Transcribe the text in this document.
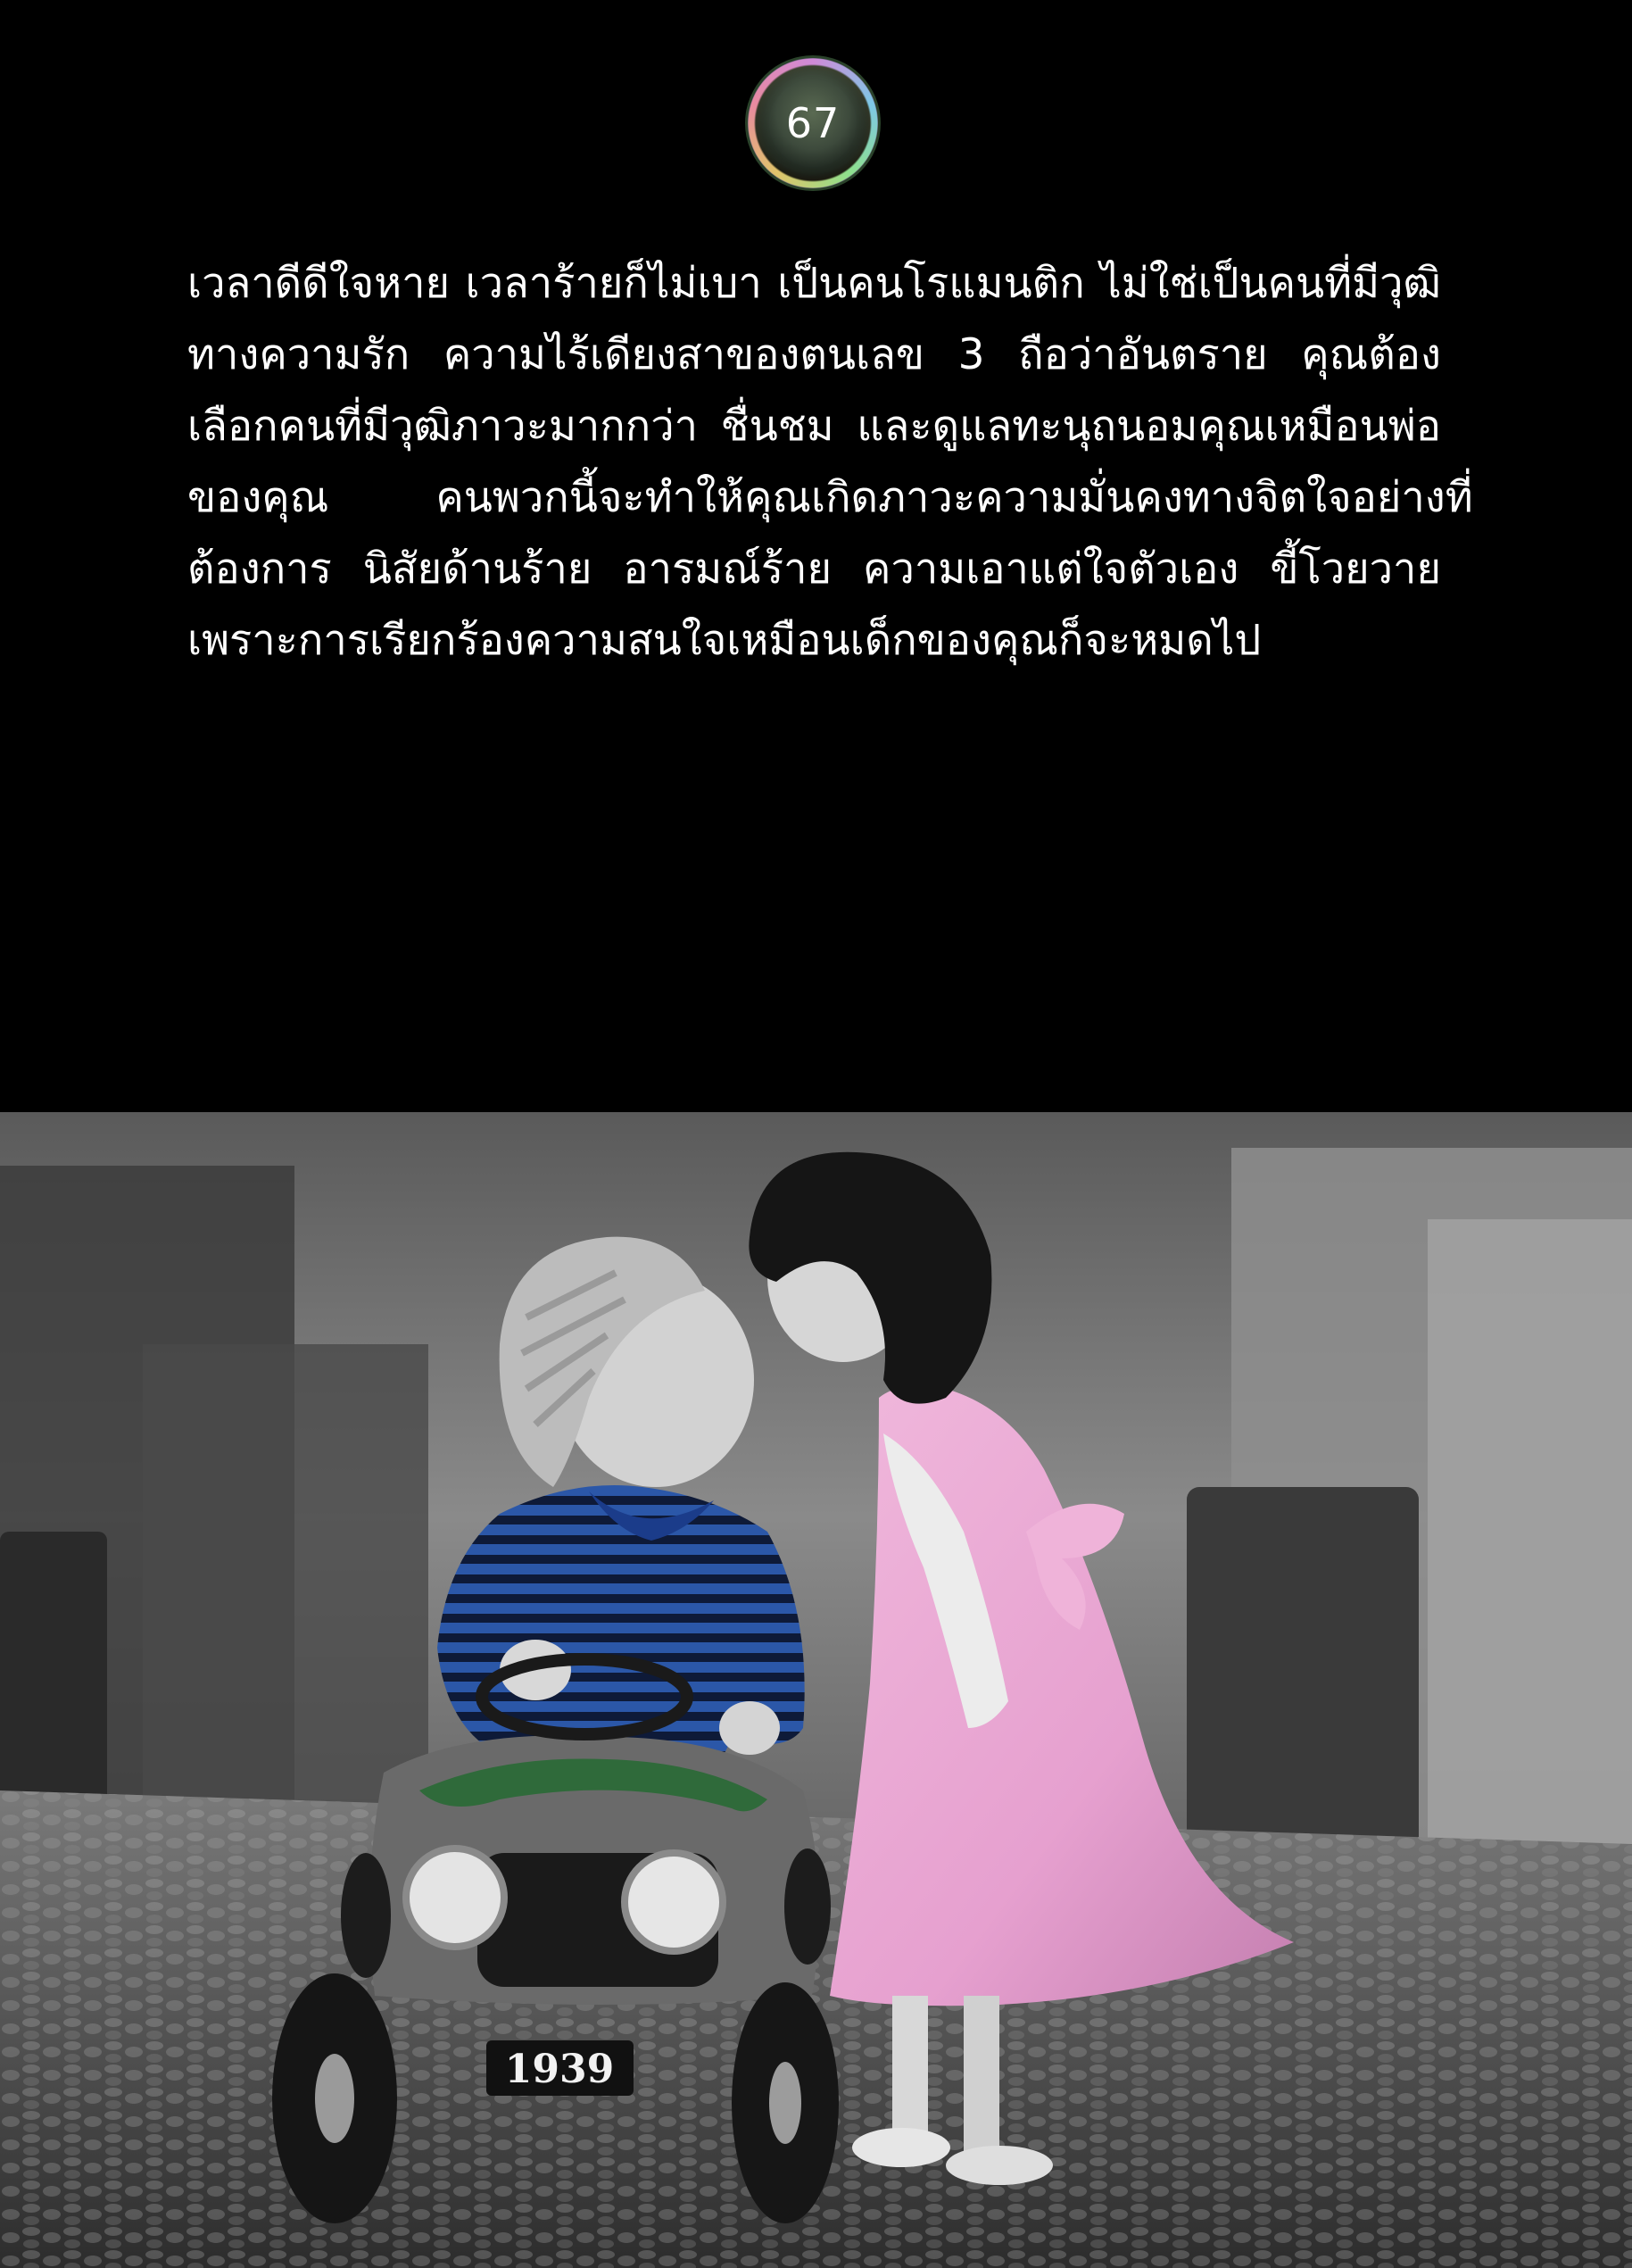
67
เวลาดีดีใจหาย เวลาร้ายก็ไม่เบา เป็นคนโรแมนติก ไม่ใช่เป็นคนที่มีวุฒิ
ทางความรัก ความไร้เดียงสาของตนเลข 3 ถือว่าอันตราย คุณต้อง
เลือกคนที่มีวุฒิภาวะมากกว่า ชื่นชม และดูแลทะนุถนอมคุณเหมือนพ่อ
ของคุณ	คนพวกนี้จะทำให้คุณเกิดภาวะความมั่นคงทางจิตใจอย่างที่
ต้องการ นิสัยด้านร้าย อารมณ์ร้าย ความเอาแต่ใจตัวเอง ขี้โวยวาย
เพราะการเรียกร้องความสนใจเหมือนเด็กของคุณก็จะหมดไป
1939
